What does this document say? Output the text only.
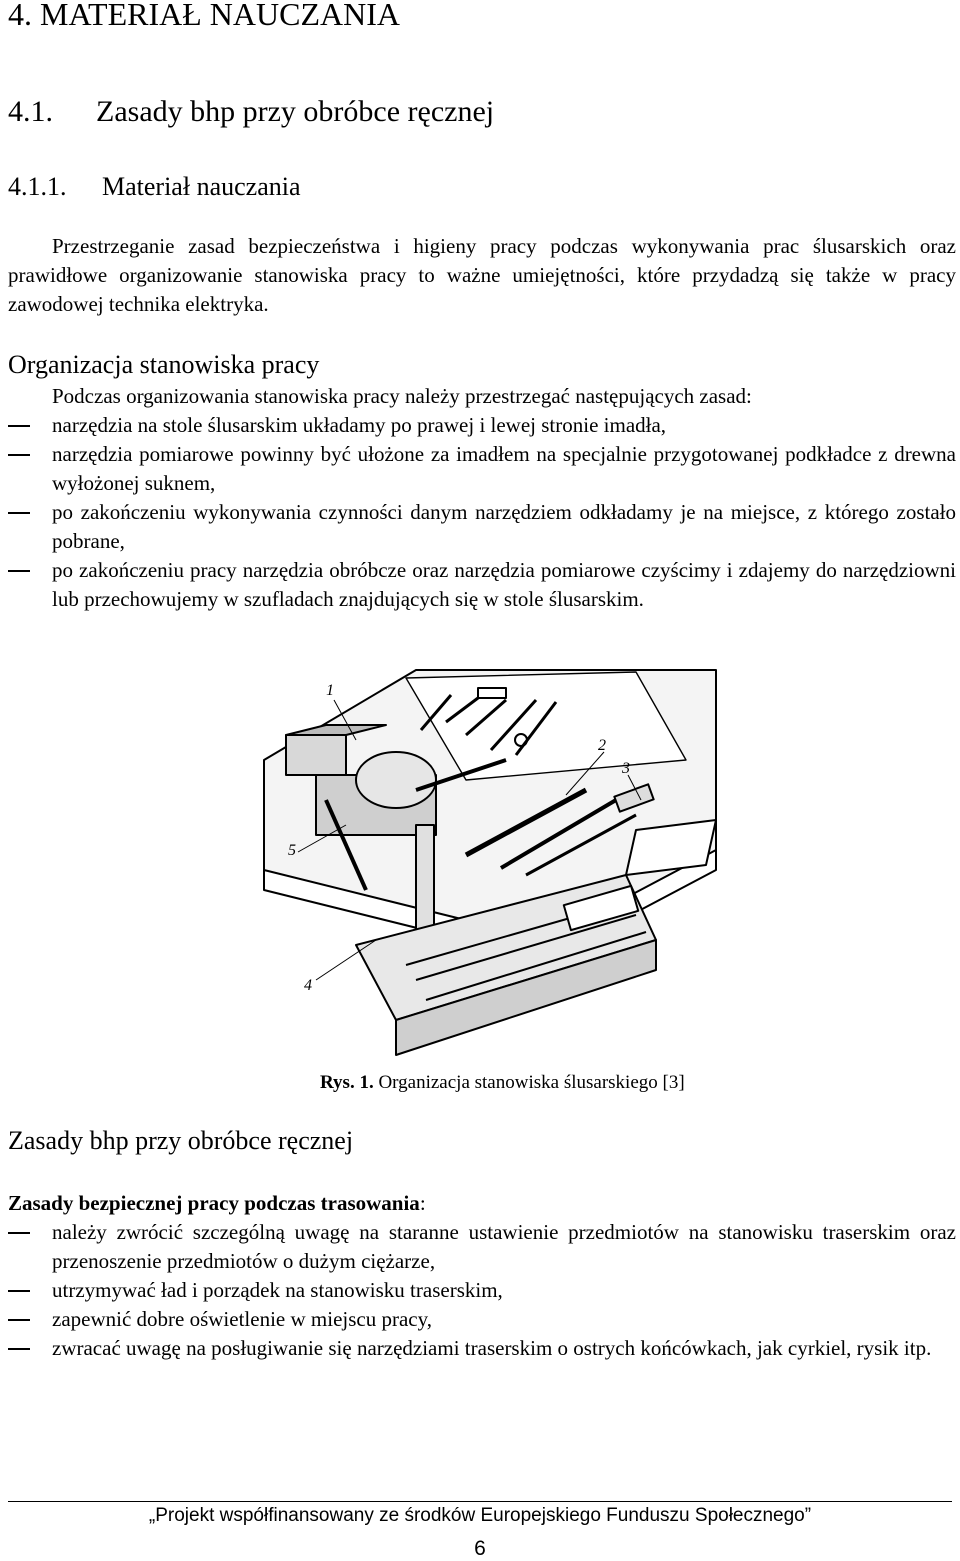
4. MATERIAŁ NAUCZANIA
4.1. Zasady bhp przy obróbce ręcznej
4.1.1. Materiał nauczania
Przestrzeganie zasad bezpieczeństwa i higieny pracy podczas wykonywania prac ślusarskich oraz prawidłowe organizowanie stanowiska pracy to ważne umiejętności, które przydadzą się także w pracy zawodowej technika elektryka.
Organizacja stanowiska pracy
Podczas organizowania stanowiska pracy należy przestrzegać następujących zasad:
narzędzia na stole ślusarskim układamy po prawej i lewej stronie imadła,
narzędzia pomiarowe powinny być ułożone za imadłem na specjalnie przygotowanej podkładce z drewna wyłożonej suknem,
po zakończeniu wykonywania czynności danym narzędziem odkładamy je na miejsce, z którego zostało pobrane,
po zakończeniu pracy narzędzia obróbcze oraz narzędzia pomiarowe czyścimy i zdajemy do narzędziowni lub przechowujemy w szufladach znajdujących się w stole ślusarskim.
1
2
3
4
5
Rys. 1. Organizacja stanowiska ślusarskiego [3]
Zasady bhp przy obróbce ręcznej
Zasady bezpiecznej pracy podczas trasowania:
należy zwrócić szczególną uwagę na staranne ustawienie przedmiotów na stanowisku traserskim oraz przenoszenie przedmiotów o dużym ciężarze,
utrzymywać ład i porządek na stanowisku traserskim,
zapewnić dobre oświetlenie w miejscu pracy,
zwracać uwagę na posługiwanie się narzędziami traserskim o ostrych końcówkach, jak cyrkiel, rysik itp.
„Projekt współfinansowany ze środków Europejskiego Funduszu Społecznego”
6
